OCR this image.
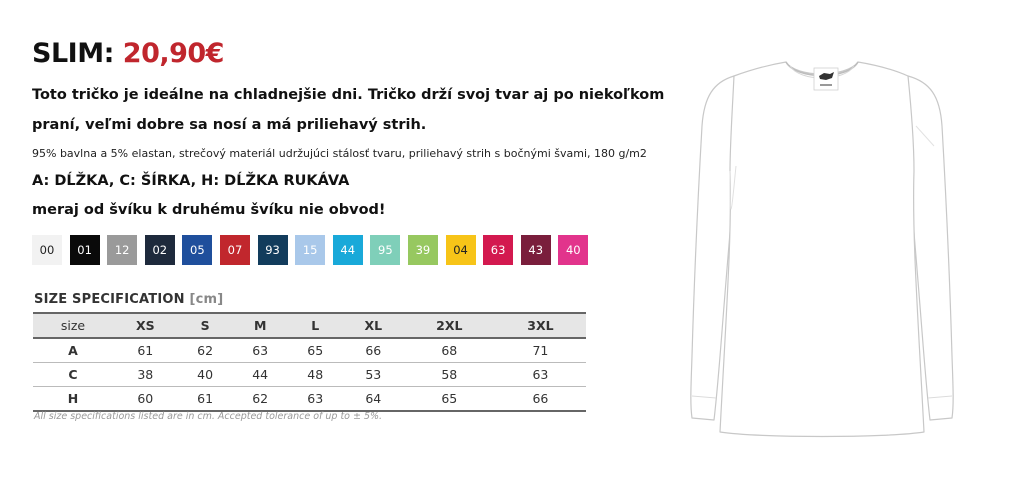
SLIM: 20,90€
Toto tričko je ideálne na chladnejšie dni. Tričko drží svoj tvar aj po niekoľkom
praní, veľmi dobre sa nosí a má priliehavý strih.
95% bavlna a 5% elastan, strečový materiál udržujúci stálosť tvaru, priliehavý strih s bočnými švami, 180 g/m2
A: DĹŽKA, C: ŠÍRKA, H: DĹŽKA RUKÁVA
meraj od švíku k druhému švíku nie obvod!
00	01	12	02	05	07	93	15	44	95	39	04	63	43	40
SIZE SPECIFICATION [cm]
size	XS	S	M	L	XL	2XL	3XL
A	61	62	63	65	66	68	71
C	38	40	44	48	53	58	63
H	60	61	62	63	64	65	66
All size specifications listed are in cm. Accepted tolerance of up to ± 5%.
